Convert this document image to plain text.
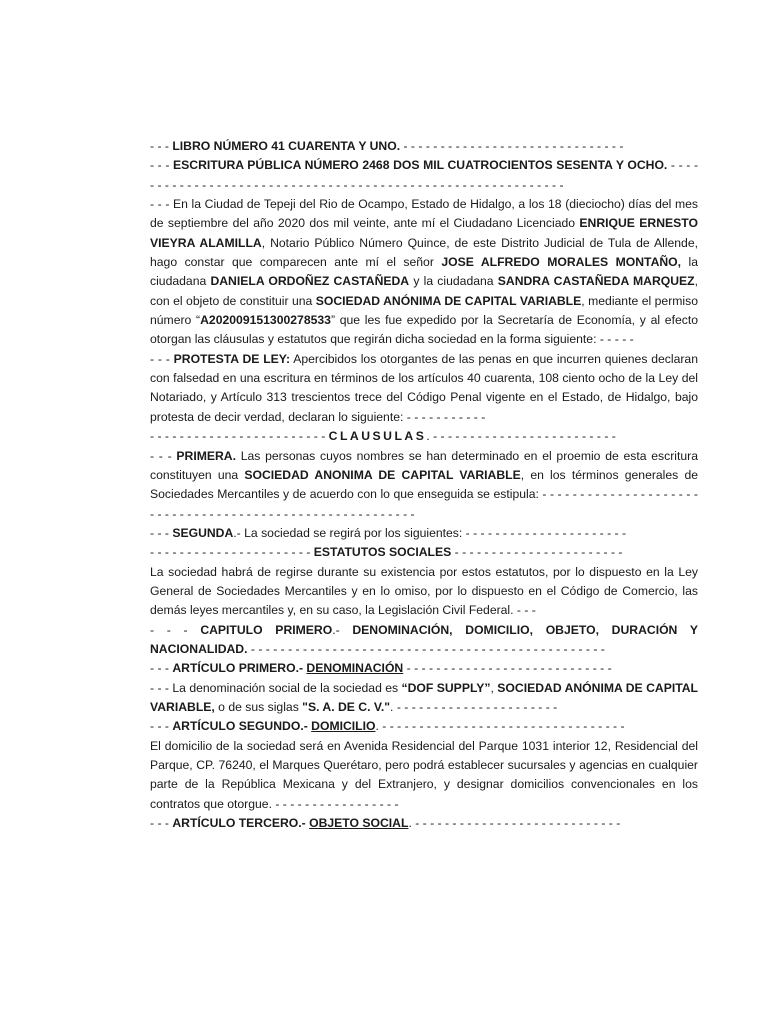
- - - LIBRO NÚMERO 41 CUARENTA Y UNO. - - - - - - - - - - - - - - - - - - - - - - - - - - - - - -

- - - ESCRITURA PÚBLICA NÚMERO 2468 DOS MIL CUATROCIENTOS SESENTA Y OCHO. - - - - - - - - - - - - - - - - - - - - - - - - - - - - - - - - - - - - - - - - - - - - - - - - - - - - - - - - - - - -

- - - En la Ciudad de Tepeji del Rio de Ocampo, Estado de Hidalgo, a los 18 (dieciocho) días del mes de septiembre del año 2020 dos mil veinte, ante mí el Ciudadano Licenciado ENRIQUE ERNESTO VIEYRA ALAMILLA, Notario Público Número Quince, de este Distrito Judicial de Tula de Allende, hago constar que comparecen ante mí el señor JOSE ALFREDO MORALES MONTAÑO, la ciudadana DANIELA ORDOÑEZ CASTAÑEDA y la ciudadana SANDRA CASTAÑEDA MARQUEZ, con el objeto de constituir una SOCIEDAD ANÓNIMA DE CAPITAL VARIABLE, mediante el permiso número “A202009151300278533” que les fue expedido por la Secretaría de Economía, y al efecto otorgan las cláusulas y estatutos que regirán dicha sociedad en la forma siguiente: - - - - -

- - - PROTESTA DE LEY: Apercibidos los otorgantes de las penas en que incurren quienes declaran con falsedad en una escritura en términos de los artículos 40 cuarenta, 108 ciento ocho de la Ley del Notariado, y Artículo 313 trescientos trece del Código Penal vigente en el Estado, de Hidalgo, bajo protesta de decir verdad, declaran lo siguiente: - - - - - - - - - - -

- - - - - - - - - - - - - - - - - - - - - - - - CLAUSULAS. - - - - - - - - - - - - - - - - - - - - - - - - -

- - - PRIMERA. Las personas cuyos nombres se han determinado en el proemio de esta escritura constituyen una SOCIEDAD ANONIMA DE CAPITAL VARIABLE, en los términos generales de Sociedades Mercantiles y de acuerdo con lo que enseguida se estipula: - - - - - - - - - - - - - - - - - - - - - - - - - - - - - - - - - - - - - - - - - - - - - - - - - - - - - - - - -

- - - SEGUNDA.- La sociedad se regirá por los siguientes: - - - - - - - - - - - - - - - - - - - - - -

- - - - - - - - - - - - - - - - - - - - - - ESTATUTOS SOCIALES - - - - - - - - - - - - - - - - - - - - - - -

La sociedad habrá de regirse durante su existencia por estos estatutos, por lo dispuesto en la Ley General de Sociedades Mercantiles y en lo omiso, por lo dispuesto en el Código de Comercio, las demás leyes mercantiles y, en su caso, la Legislación Civil Federal. - - -

- - - CAPITULO PRIMERO.- DENOMINACIÓN, DOMICILIO, OBJETO, DURACIÓN Y NACIONALIDAD. - - - - - - - - - - - - - - - - - - - - - - - - - - - - - - - - - - - - - - - - - - - - - - - -

- - - ARTÍCULO PRIMERO.- DENOMINACIÓN - - - - - - - - - - - - - - - - - - - - - - - - - - - -

- - - La denominación social de la sociedad es “DOF SUPPLY”, SOCIEDAD ANÓNIMA DE CAPITAL VARIABLE, o de sus siglas "S. A. DE C. V.". - - - - - - - - - - - - - - - - - - - - - -

- - - ARTÍCULO SEGUNDO.- DOMICILIO. - - - - - - - - - - - - - - - - - - - - - - - - - - - - - - - - -

El domicilio de la sociedad será en Avenida Residencial del Parque 1031 interior 12, Residencial del Parque, CP. 76240, el Marques Querétaro, pero podrá establecer sucursales y agencias en cualquier parte de la República Mexicana y del Extranjero, y designar domicilios convencionales en los contratos que otorgue. - - - - - - - - - - - - - - - - -

- - - ARTÍCULO TERCERO.- OBJETO SOCIAL. - - - - - - - - - - - - - - - - - - - - - - - - - - - -
